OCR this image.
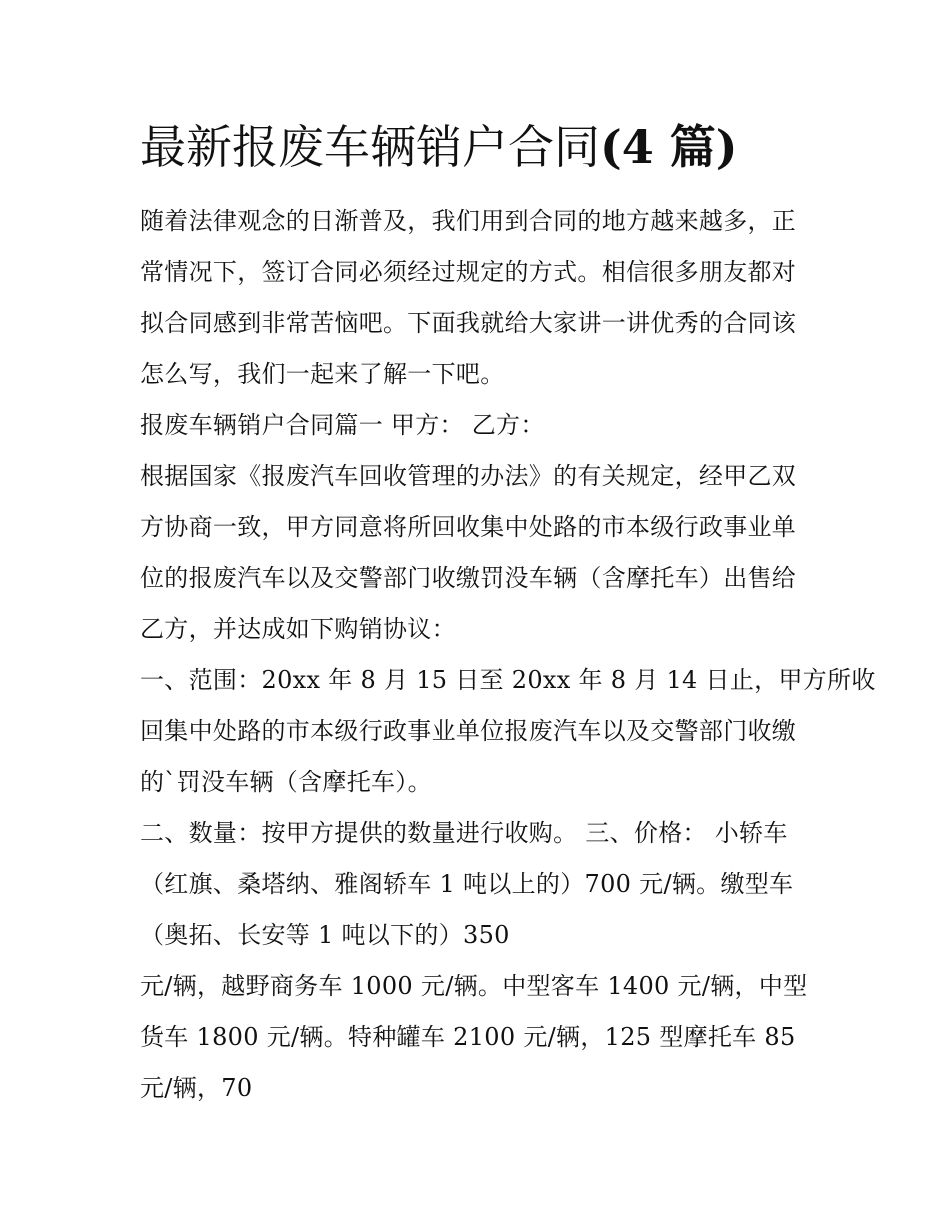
最新报废车辆销户合同(4 篇)

随着法律观念的日渐普及，我们用到合同的地方越来越多，正

常情况下，签订合同必须经过规定的方式。相信很多朋友都对

拟合同感到非常苦恼吧。下面我就给大家讲一讲优秀的合同该

怎么写，我们一起来了解一下吧。

报废车辆销户合同篇一 甲方： 乙方：

根据国家《报废汽车回收管理的办法》的有关规定，经甲乙双

方协商一致，甲方同意将所回收集中处路的市本级行政事业单

位的报废汽车以及交警部门收缴罚没车辆（含摩托车）出售给

乙方，并达成如下购销协议：

一、范围：20xx 年 8 月 15 日至 20xx 年 8 月 14 日止，甲方所收

回集中处路的市本级行政事业单位报废汽车以及交警部门收缴

的`罚没车辆（含摩托车）。

二、数量：按甲方提供的数量进行收购。 三、价格： 小轿车

（红旗、桑塔纳、雅阁轿车 1 吨以上的）700 元/辆。缴型车

（奥拓、长安等 1 吨以下的）350

元/辆，越野商务车 1000 元/辆。中型客车 1400 元/辆，中型

货车 1800 元/辆。特种罐车 2100 元/辆，125 型摩托车 85

元/辆，70
